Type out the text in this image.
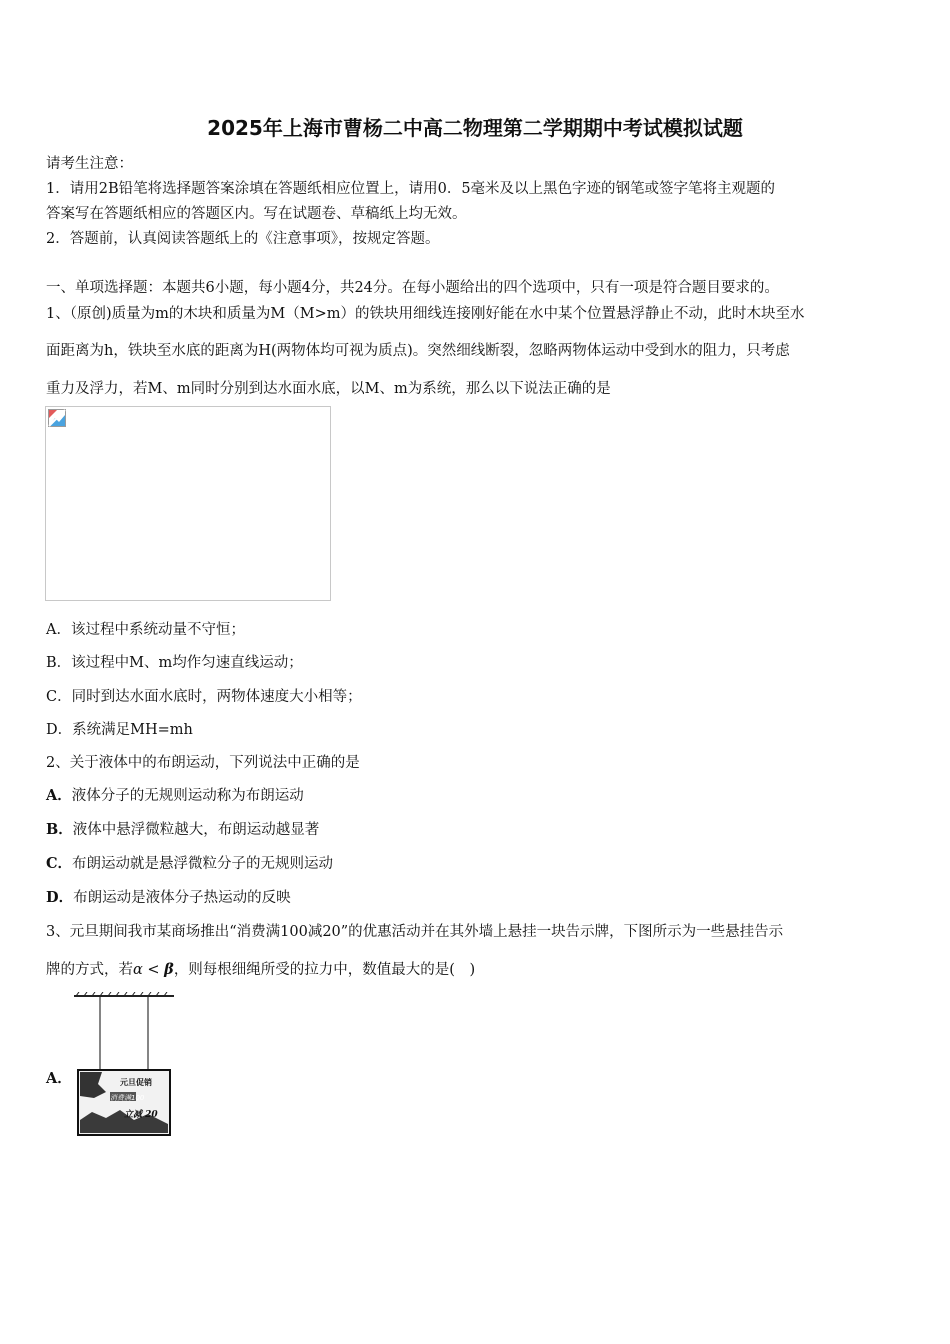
2025年上海市曹杨二中高二物理第二学期期中考试模拟试题
请考生注意：
1．请用2B铅笔将选择题答案涂填在答题纸相应位置上，请用0．5毫米及以上黑色字迹的钢笔或签字笔将主观题的
答案写在答题纸相应的答题区内。写在试题卷、草稿纸上均无效。
2．答题前，认真阅读答题纸上的《注意事项》，按规定答题。
一、单项选择题：本题共6小题，每小题4分，共24分。在每小题给出的四个选项中，只有一项是符合题目要求的。
1、（原创)质量为m的木块和质量为M（M>m）的铁块用细线连接刚好能在水中某个位置悬浮静止不动，此时木块至水
面距离为h，铁块至水底的距离为H(两物体均可视为质点)。突然细线断裂，忽略两物体运动中受到水的阻力，只考虑
重力及浮力，若M、m同时分别到达水面水底，以M、m为系统，那么以下说法正确的是
A．该过程中系统动量不守恒；
B．该过程中M、m均作匀速直线运动；
C．同时到达水面水底时，两物体速度大小相等；
D．系统满足MH=mh
2、关于液体中的布朗运动，下列说法中正确的是
A．液体分子的无规则运动称为布朗运动
B．液体中悬浮微粒越大，布朗运动越显著
C．布朗运动就是悬浮微粒分子的无规则运动
D．布朗运动是液体分子热运动的反映
3、元旦期间我市某商场推出“消费满100减20”的优惠活动并在其外墙上悬挂一块告示牌，下图所示为一些悬挂告示
牌的方式，若α < β，则每根细绳所受的拉力中，数值最大的是(　)
A．	元旦促销
消费满100
立减 20
